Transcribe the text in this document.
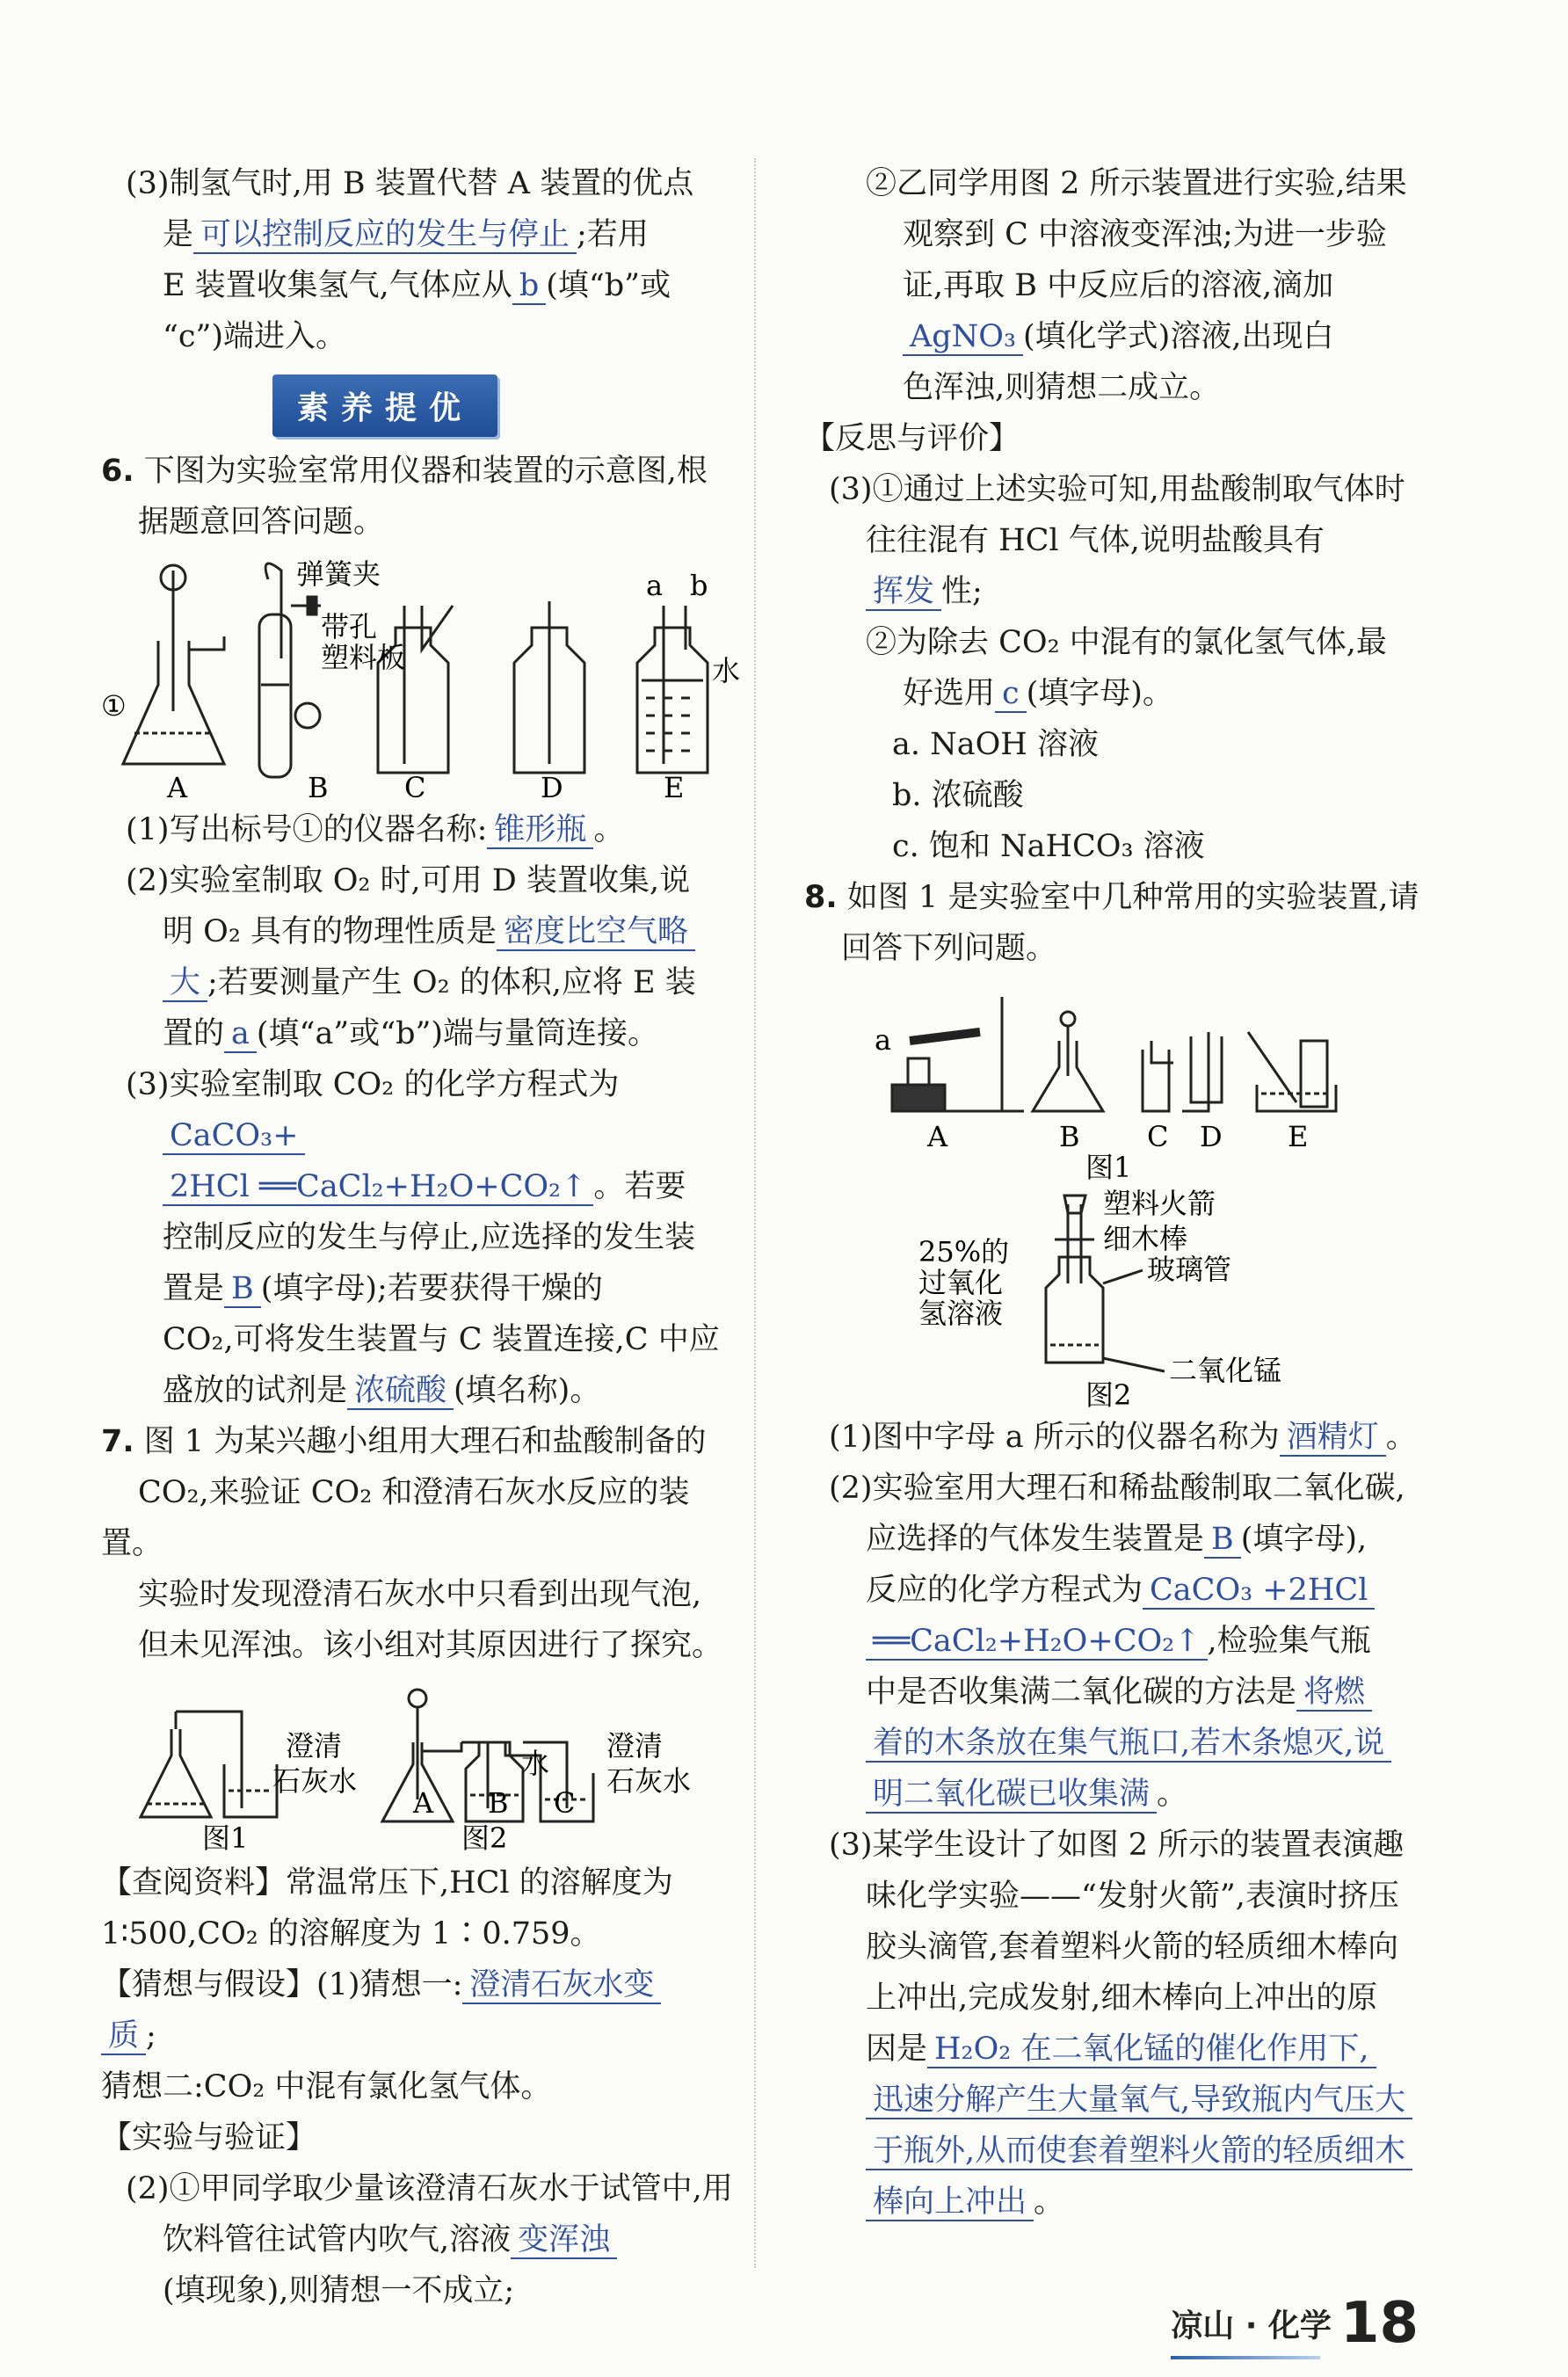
(3)制氢气时,用 B 装置代替 A 装置的优点
是 可以控制反应的发生与停止 ;若用
E 装置收集氢气,气体应从 b (填“b”或
“c”)端进入。

素养提优

6. 下图为实验室常用仪器和装置的示意图,根
据题意回答问题。

①
弹簧夹
带孔
塑料板
a b
水
A	B	C	D	E

(1)写出标号①的仪器名称: 锥形瓶 。

(2)实验室制取 O₂ 时,可用 D 装置收集,说
明 O₂ 具有的物理性质是 密度比空气略
大 ;若要测量产生 O₂ 的体积,应将 E 装
置的 a (填“a”或“b”)端与量筒连接。

(3)实验室制取 CO₂ 的化学方程式为CaCO₃+
2HCl ══CaCl₂+H₂O+CO₂↑ 。若要
控制反应的发生与停止,应选择的发生装
置是 B (填字母);若要获得干燥的
CO₂,可将发生装置与 C 装置连接,C 中应
盛放的试剂是 浓硫酸 (填名称)。

7. 图 1 为某兴趣小组用大理石和盐酸制备的
CO₂,来验证 CO₂ 和澄清石灰水反应的装置。
实验时发现澄清石灰水中只看到出现气泡,
但未见浑浊。该小组对其原因进行了探究。

澄清
石灰水
图1
水
澄清
石灰水
A B C
图2

【查阅资料】常温常压下,HCl 的溶解度为
1∶500,CO₂ 的溶解度为 1∶0.759。

【猜想与假设】(1)猜想一: 澄清石灰水变
质 ;
猜想二:CO₂ 中混有氯化氢气体。

【实验与验证】

(2)①甲同学取少量该澄清石灰水于试管中,用
饮料管往试管内吹气,溶液 变浑浊
(填现象),则猜想一不成立;

②乙同学用图 2 所示装置进行实验,结果
观察到 C 中溶液变浑浊;为进一步验
证,再取 B 中反应后的溶液,滴加
AgNO₃ (填化学式)溶液,出现白
色浑浊,则猜想二成立。

【反思与评价】

(3)①通过上述实验可知,用盐酸制取气体时
往往混有 HCl 气体,说明盐酸具有
挥发 性;

②为除去 CO₂ 中混有的氯化氢气体,最
好选用 c (填字母)。

a. NaOH 溶液

b. 浓硫酸

c. 饱和 NaHCO₃ 溶液

8. 如图 1 是实验室中几种常用的实验装置,请
回答下列问题。

a
A	B C D E
图1
塑料火箭
细木棒
25%的
过氧化
氢溶液
玻璃管
二氧化锰
图2

(1)图中字母 a 所示的仪器名称为 酒精灯 。

(2)实验室用大理石和稀盐酸制取二氧化碳,
应选择的气体发生装置是 B (填字母),
反应的化学方程式为 CaCO₃ +2HCl
══CaCl₂+H₂O+CO₂↑ ,检验集气瓶
中是否收集满二氧化碳的方法是 将燃
着的木条放在集气瓶口,若木条熄灭,说
明二氧化碳已收集满 。

(3)某学生设计了如图 2 所示的装置表演趣
味化学实验——“发射火箭”,表演时挤压
胶头滴管,套着塑料火箭的轻质细木棒向
上冲出,完成发射,细木棒向上冲出的原
因是 H₂O₂ 在二氧化锰的催化作用下,
迅速分解产生大量氧气,导致瓶内气压大
于瓶外,从而使套着塑料火箭的轻质细木
棒向上冲出 。

凉山 · 化学 18
